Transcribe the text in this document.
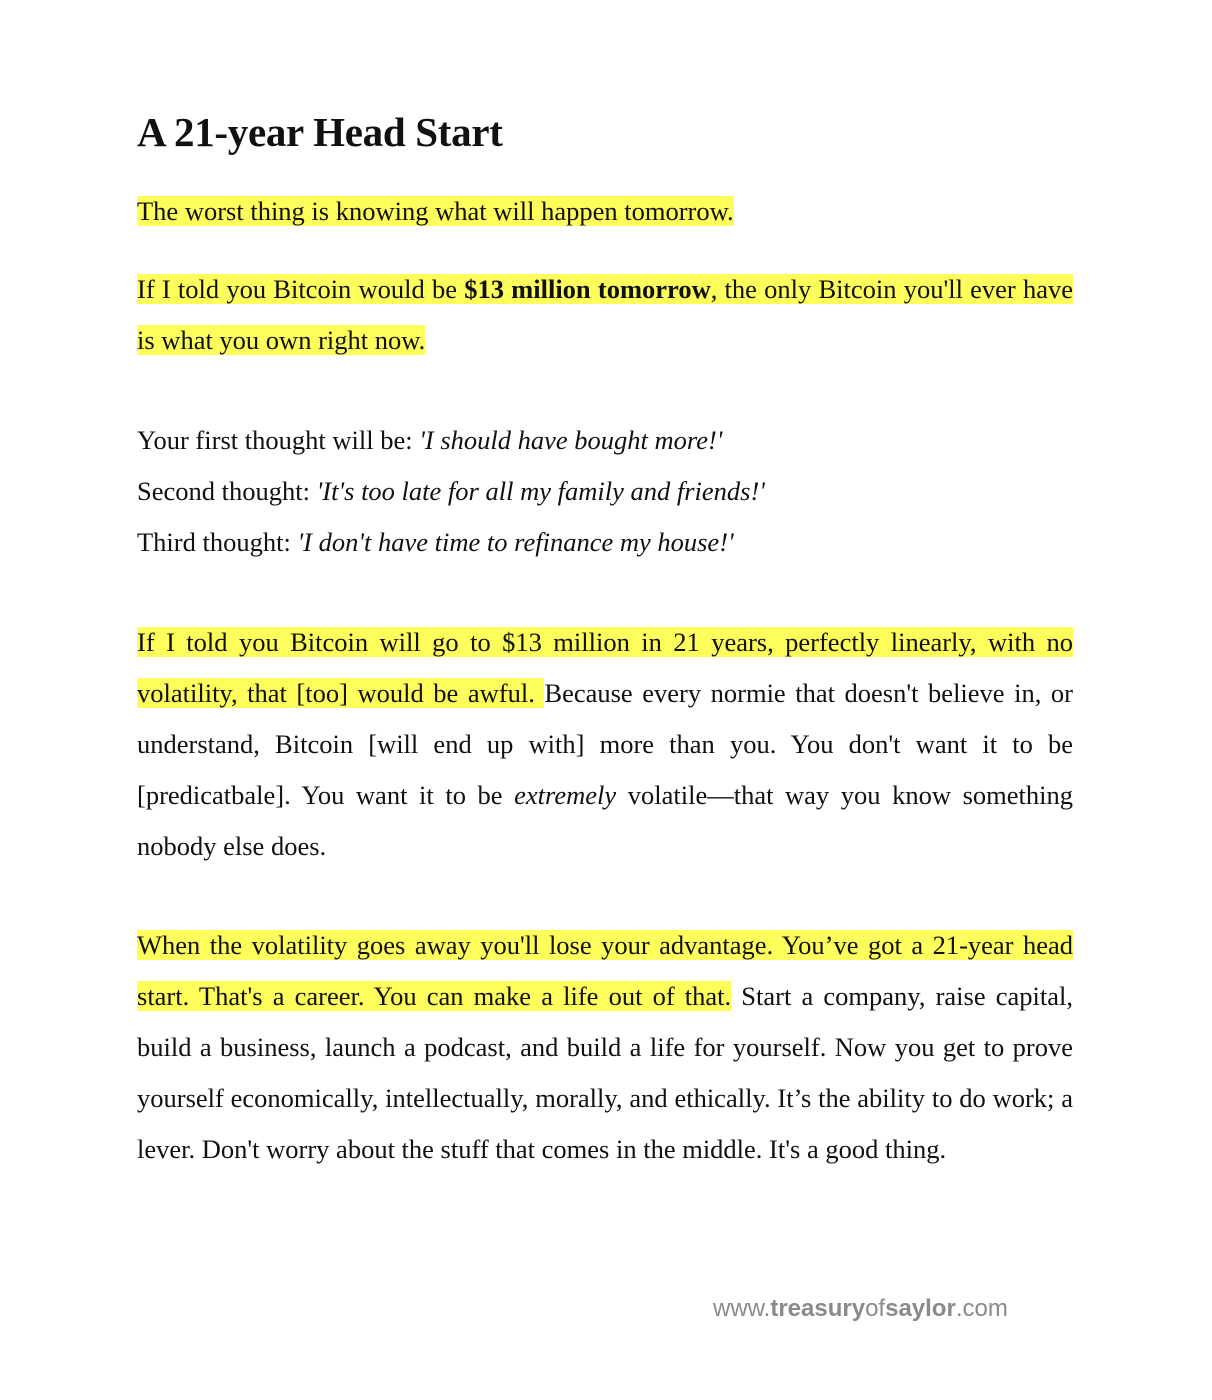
A 21-year Head Start
The worst thing is knowing what will happen tomorrow.
If I told you Bitcoin would be $13 million tomorrow, the only Bitcoin you'll ever have is what you own right now.
Your first thought will be: 'I should have bought more!'
Second thought: 'It's too late for all my family and friends!'
Third thought: 'I don't have time to refinance my house!'
If I told you Bitcoin will go to $13 million in 21 years, perfectly linearly, with no volatility, that [too] would be awful. Because every normie that doesn't believe in, or understand, Bitcoin [will end up with] more than you. You don't want it to be [predicatbale]. You want it to be extremely volatile—that way you know something nobody else does.
When the volatility goes away you'll lose your advantage. You’ve got a 21-year head start. That's a career. You can make a life out of that. Start a company, raise capital, build a business, launch a podcast, and build a life for yourself. Now you get to prove yourself economically, intellectually, morally, and ethically. It’s the ability to do work; a lever. Don't worry about the stuff that comes in the middle. It's a good thing.
www.treasuryofsaylor.com
